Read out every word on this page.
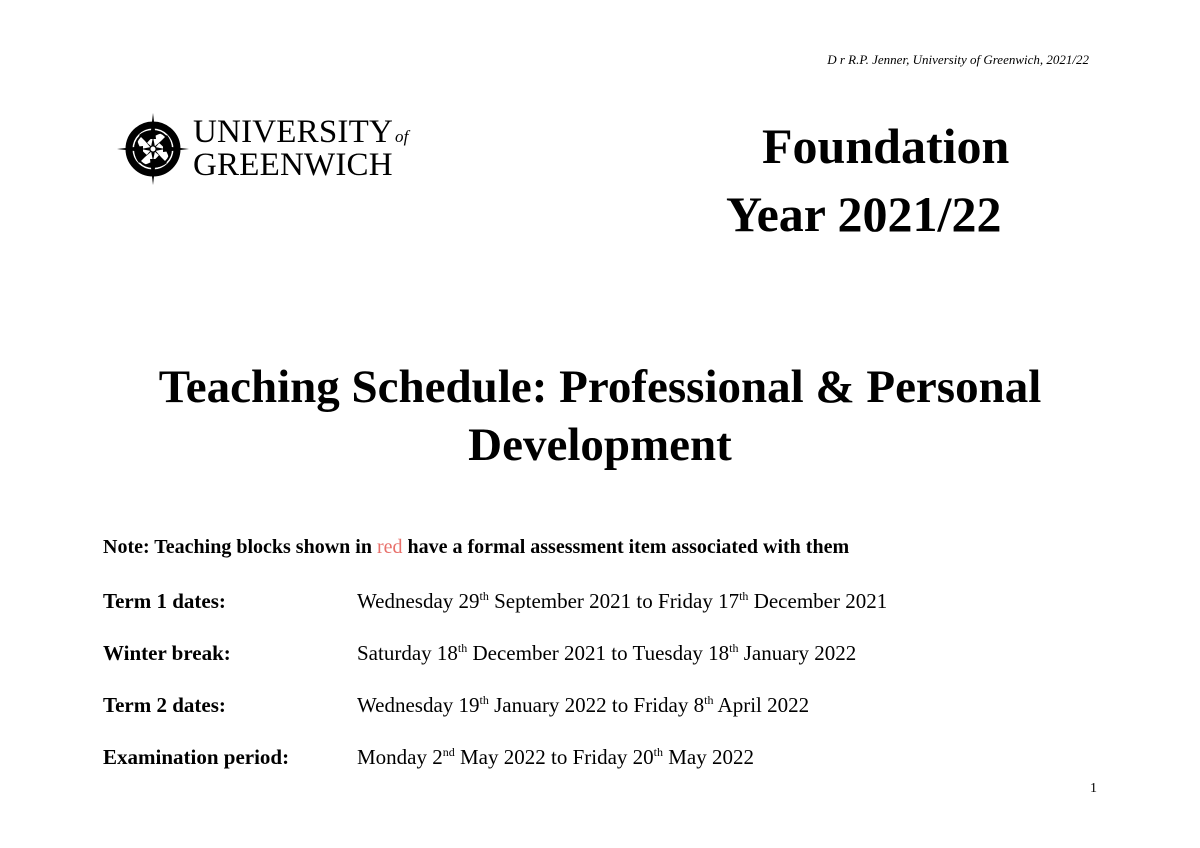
D r R.P. Jenner, University of Greenwich, 2021/22
UNIVERSITY of
GREENWICH	Foundation
Year 2021/22
Teaching Schedule: Professional & Personal
Development
Note: Teaching blocks shown in red have a formal assessment item associated with them
Term 1 dates:	Wednesday 29th September 2021 to Friday 17th December 2021
Winter break:	Saturday 18th December 2021 to Tuesday 18th January 2022
Term 2 dates:	Wednesday 19th January 2022 to Friday 8th April 2022
Examination period:	Monday 2nd May 2022 to Friday 20th May 2022
1
